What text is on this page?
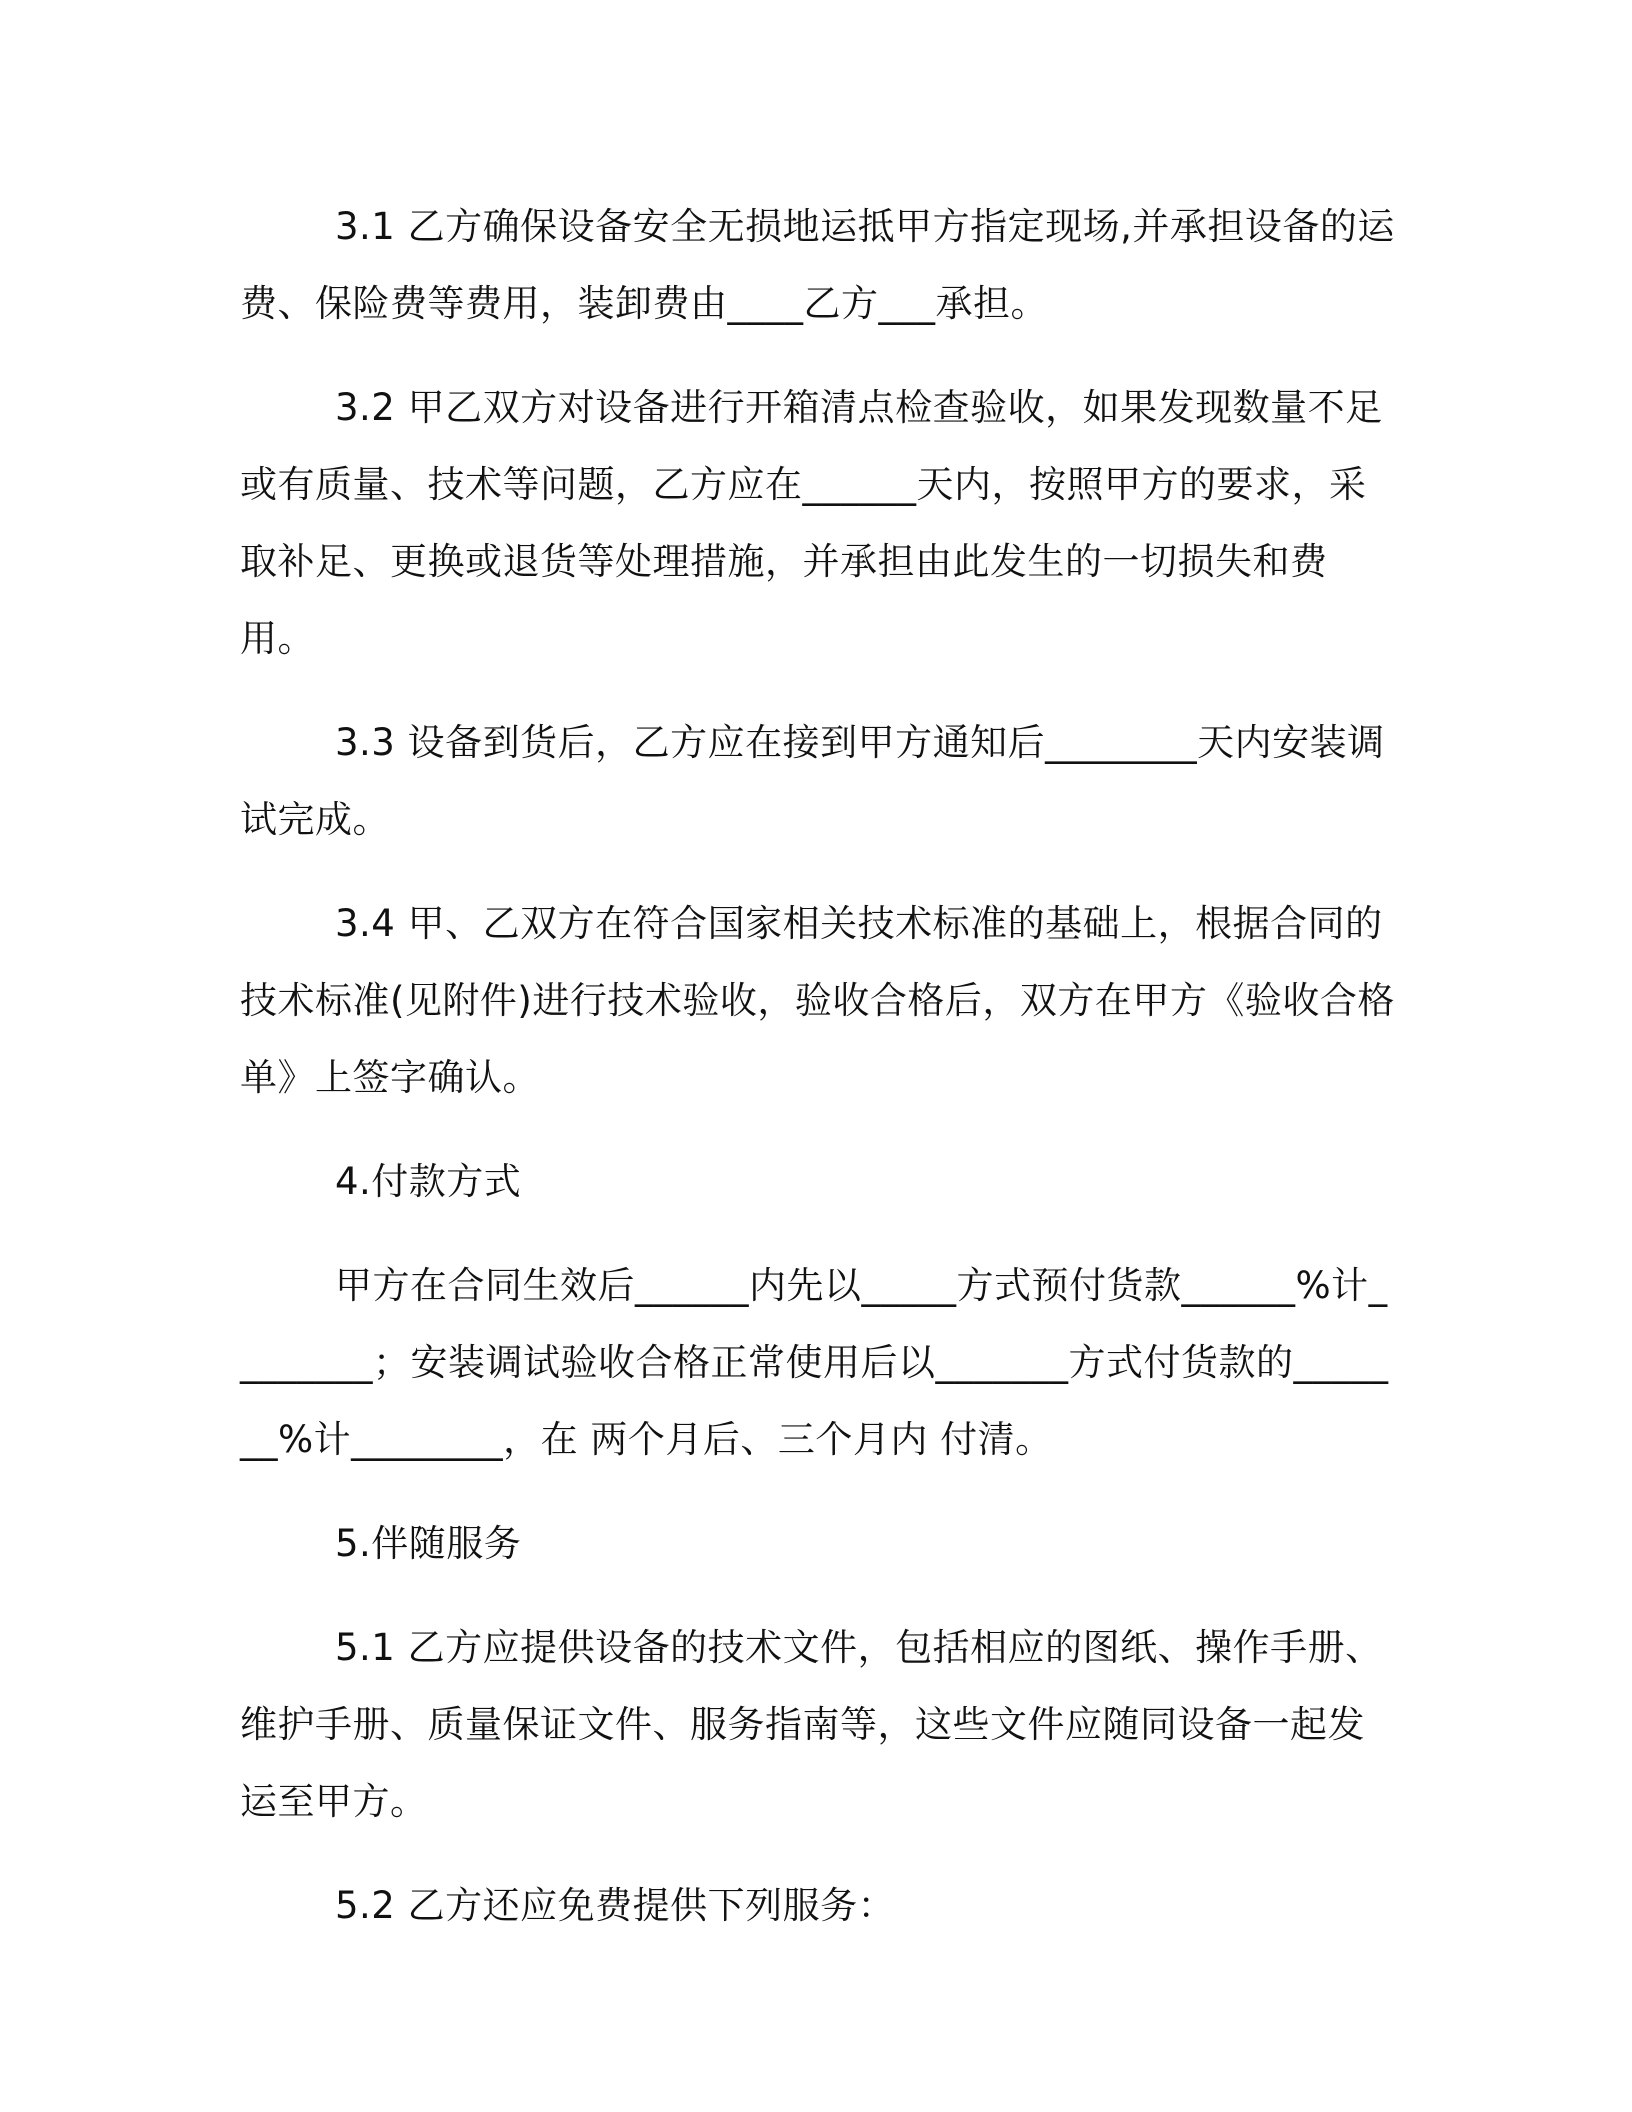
3.1 乙方确保设备安全无损地运抵甲方指定现场,并承担设备的运费、保险费等费用，装卸费由____乙方___承担。

3.2 甲乙双方对设备进行开箱清点检查验收，如果发现数量不足或有质量、技术等问题，乙方应在______天内，按照甲方的要求，采取补足、更换或退货等处理措施，并承担由此发生的一切损失和费用。

3.3 设备到货后，乙方应在接到甲方通知后________天内安装调试完成。

3.4 甲、乙双方在符合国家相关技术标准的基础上，根据合同的技术标准(见附件)进行技术验收，验收合格后，双方在甲方《验收合格单》上签字确认。

4.付款方式

甲方在合同生效后______内先以_____方式预付货款______%计________；安装调试验收合格正常使用后以_______方式付货款的_______%计________，在 两个月后、三个月内 付清。

5.伴随服务

5.1 乙方应提供设备的技术文件，包括相应的图纸、操作手册、维护手册、质量保证文件、服务指南等，这些文件应随同设备一起发运至甲方。

5.2 乙方还应免费提供下列服务：
